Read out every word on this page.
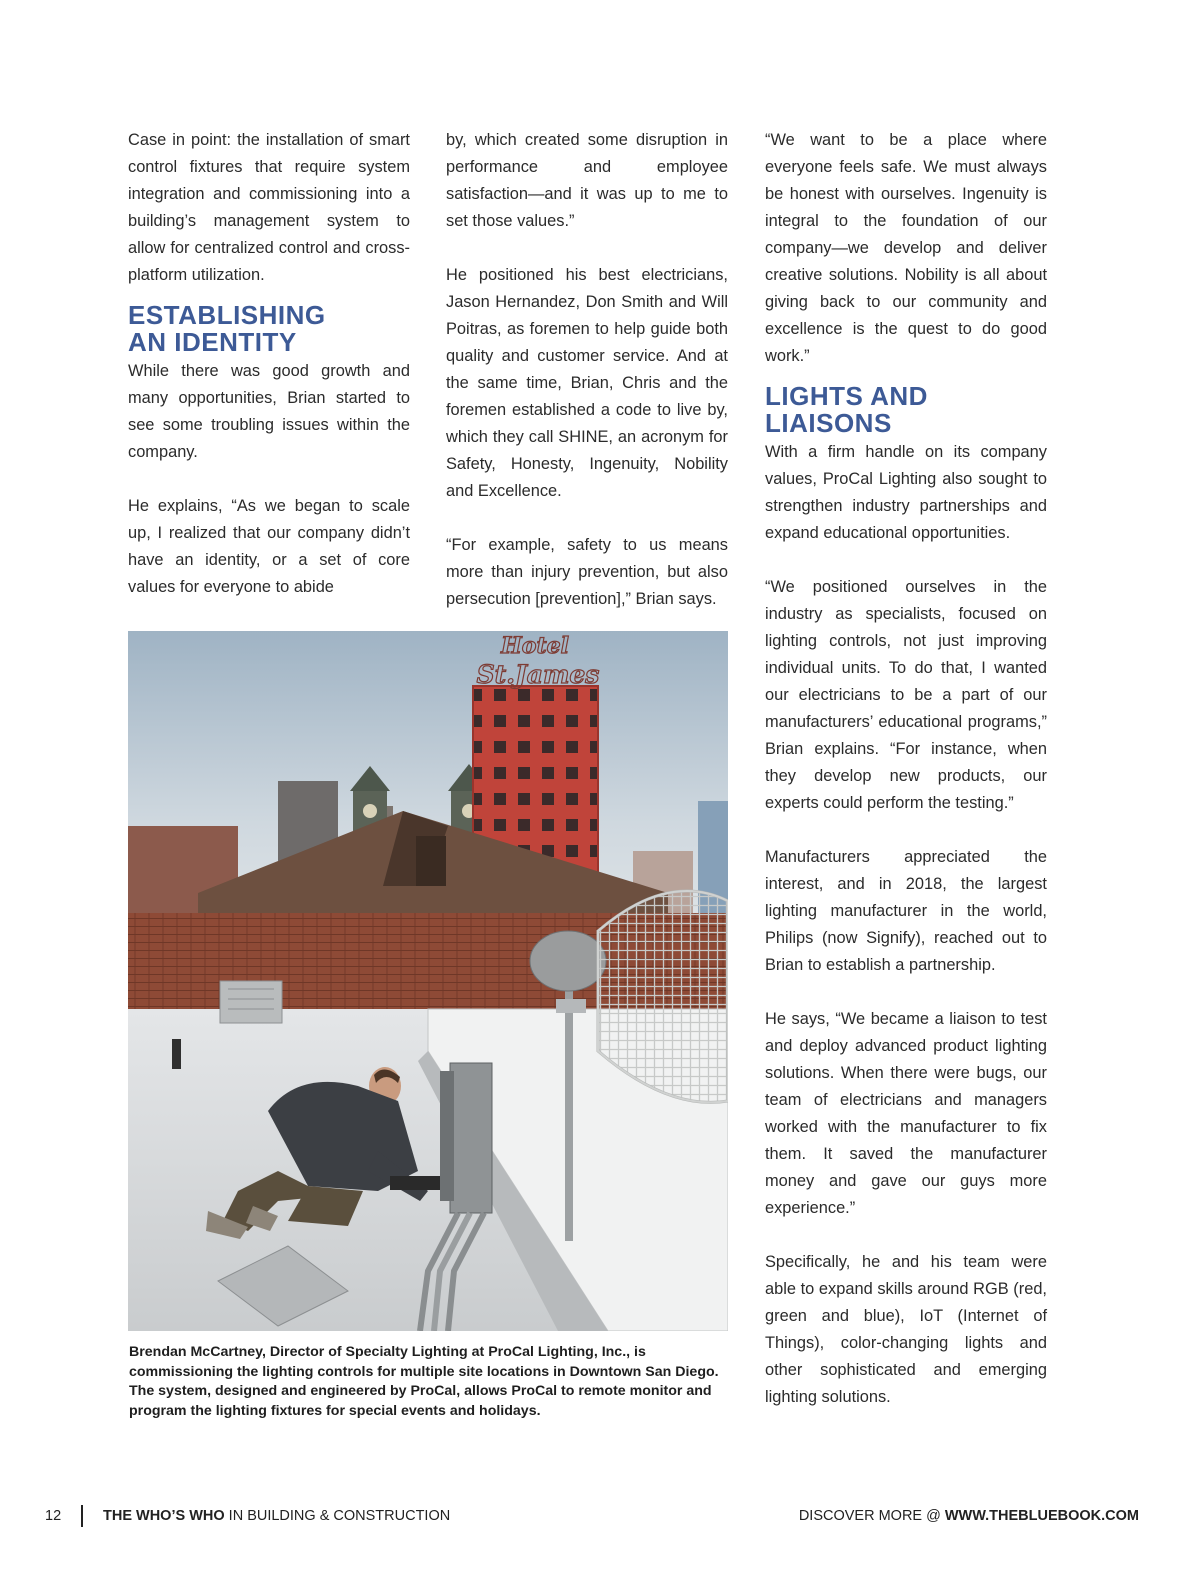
Case in point: the installation of smart control fixtures that require system integration and commissioning into a building’s management system to allow for centralized control and cross-platform utilization.

ESTABLISHING
AN IDENTITY

While there was good growth and many opportunities, Brian started to see some troubling issues within the company.

He explains, “As we began to scale up, I realized that our company didn’t have an identity, or a set of core values for everyone to abide

by, which created some disruption in performance and employee satisfaction—and it was up to me to set those values.”

He positioned his best electricians, Jason Hernandez, Don Smith and Will Poitras, as foremen to help guide both quality and customer service. And at the same time, Brian, Chris and the foremen established a code to live by, which they call SHINE, an acronym for Safety, Honesty, Ingenuity, Nobility and Excellence.

“For example, safety to us means more than injury prevention, but also persecution [prevention],” Brian says.

“We want to be a place where everyone feels safe. We must always be honest with ourselves. Ingenuity is integral to the foundation of our company—we develop and deliver creative solutions. Nobility is all about giving back to our community and excellence is the quest to do good work.”

LIGHTS AND
LIAISONS

With a firm handle on its company values, ProCal Lighting also sought to strengthen industry partnerships and expand educational opportunities.

“We positioned ourselves in the industry as specialists, focused on lighting controls, not just improving individual units. To do that, I wanted our electricians to be a part of our manufacturers’ educational programs,” Brian explains. “For instance, when they develop new products, our experts could perform the testing.”

Manufacturers appreciated the interest, and in 2018, the largest lighting manufacturer in the world, Philips (now Signify), reached out to Brian to establish a partnership.

He says, “We became a liaison to test and deploy advanced product lighting solutions. When there were bugs, our team of electricians and managers worked with the manufacturer to fix them. It saved the manufacturer money and gave our guys more experience.”

Specifically, he and his team were able to expand skills around RGB (red, green and blue), IoT (Internet of Things), color-changing lights and other sophisticated and emerging lighting solutions.

Hotel
St.James
Brendan McCartney, Director of Specialty Lighting at ProCal Lighting, Inc., is commissioning the lighting controls for multiple site locations in Downtown San Diego. The system, designed and engineered by ProCal, allows ProCal to remote monitor and program the lighting fixtures for special events and holidays.
12	THE WHO’S WHO IN BUILDING & CONSTRUCTION	DISCOVER MORE @ WWW.THEBLUEBOOK.COM
